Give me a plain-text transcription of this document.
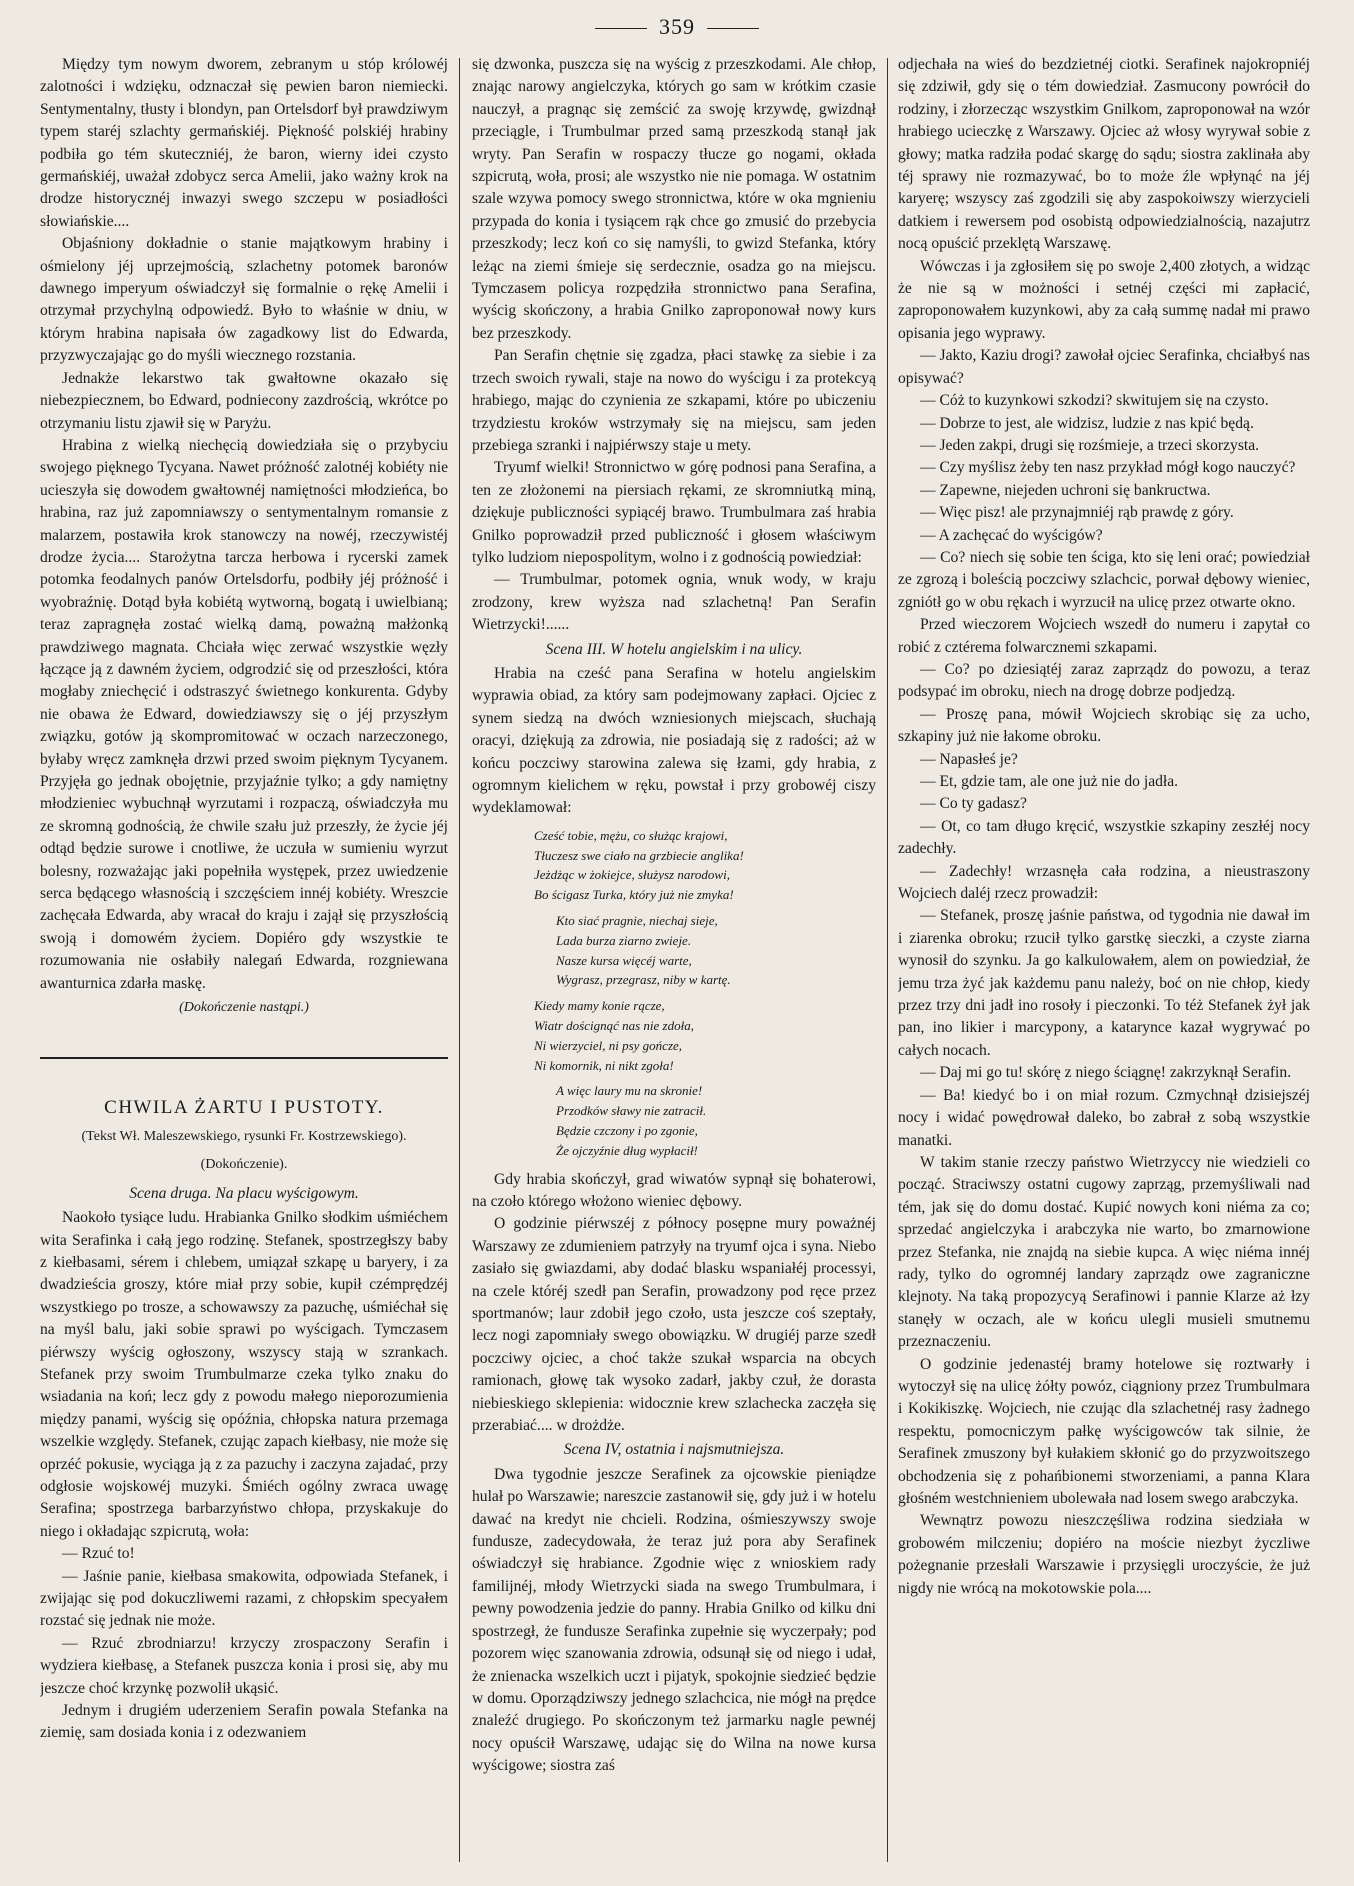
359

Między tym nowym dworem, zebranym u stóp królowéj zalotności i wdzięku, odznaczał się pewien baron niemiecki. Sentymentalny, tłusty i blondyn, pan Ortelsdorf był prawdziwym typem staréj szlachty germańskiéj. Piękność polskiéj hrabiny podbiła go tém skuteczniéj, że baron, wierny idei czysto germańskiéj, uważał zdobycz serca Amelii, jako ważny krok na drodze historycznéj inwazyi swego szczepu w posiadłości słowiańskie....

Objaśniony dokładnie o stanie majątkowym hrabiny i ośmielony jéj uprzejmością, szlachetny potomek baronów dawnego imperyum oświadczył się formalnie o rękę Amelii i otrzymał przychylną odpowiedź. Było to właśnie w dniu, w którym hrabina napisała ów zagadkowy list do Edwarda, przyzwyczajając go do myśli wiecznego rozstania.

Jednakże lekarstwo tak gwałtowne okazało się niebezpiecznem, bo Edward, podniecony zazdrością, wkrótce po otrzymaniu listu zjawił się w Paryżu.

Hrabina z wielką niechęcią dowiedziała się o przybyciu swojego pięknego Tycyana. Nawet próżność zalotnéj kobiéty nie ucieszyła się dowodem gwałtownéj namiętności młodzieńca, bo hrabina, raz już zapomniawszy o sentymentalnym romansie z malarzem, postawiła krok stanowczy na nowéj, rzeczywistéj drodze życia.... Starożytna tarcza herbowa i rycerski zamek potomka feodalnych panów Ortelsdorfu, podbiły jéj próżność i wyobraźnię. Dotąd była kobiétą wytworną, bogatą i uwielbianą; teraz zapragnęła zostać wielką damą, poważną małżonką prawdziwego magnata. Chciała więc zerwać wszystkie węzły łączące ją z dawném życiem, odgrodzić się od przeszłości, która mogłaby zniechęcić i odstraszyć świetnego konkurenta. Gdyby nie obawa że Edward, dowiedziawszy się o jéj przyszłym związku, gotów ją skompromitować w oczach narzeczonego, byłaby wręcz zamknęła drzwi przed swoim pięknym Tycyanem. Przyjęła go jednak obojętnie, przyjaźnie tylko; a gdy namiętny młodzieniec wybuchnął wyrzutami i rozpaczą, oświadczyła mu ze skromną godnością, że chwile szału już przeszły, że życie jéj odtąd będzie surowe i cnotliwe, że uczuła w sumieniu wyrzut bolesny, rozważając jaki popełniła występek, przez uwiedzenie serca będącego własnością i szczęściem innéj kobiéty. Wreszcie zachęcała Edwarda, aby wracał do kraju i zajął się przyszłością swoją i domowém życiem. Dopiéro gdy wszystkie te rozumowania nie osłabiły nalegań Edwarda, rozgniewana awanturnica zdarła maskę.

(Dokończenie nastąpi.)
CHWILA ŻARTU I PUSTOTY.
(Tekst Wł. Maleszewskiego, rysunki Fr. Kostrzewskiego).
(Dokończenie).
Scena druga. Na placu wyścigowym.

Naokoło tysiące ludu. Hrabianka Gnilko słodkim uśmiéchem wita Serafinka i całą jego rodzinę. Stefanek, spostrzegłszy baby z kiełbasami, sérem i chlebem, umiązał szkapę u baryery, i za dwadzieścia groszy, które miał przy sobie, kupił czémprędzéj wszystkiego po trosze, a schowawszy za pazuchę, uśmiéchał się na myśl balu, jaki sobie sprawi po wyścigach. Tymczasem piérwszy wyścig ogłoszony, wszyscy stają w szrankach. Stefanek przy swoim Trumbulmarze czeka tylko znaku do wsiadania na koń; lecz gdy z powodu małego nieporozumienia między panami, wyścig się opóźnia, chłopska natura przemaga wszelkie względy. Stefanek, czując zapach kiełbasy, nie może się oprzéć pokusie, wyciąga ją z za pazuchy i zaczyna zajadać, przy odgłosie wojskowéj muzyki. Śmiéch ogólny zwraca uwagę Serafina; spostrzega barbarzyństwo chłopa, przyskakuje do niego i okładając szpicrutą, woła:

— Rzuć to!

— Jaśnie panie, kiełbasa smakowita, odpowiada Stefanek, i zwijając się pod dokuczliwemi razami, z chłopskim specyałem rozstać się jednak nie może.

— Rzuć zbrodniarzu! krzyczy zrospaczony Serafin i wydziera kiełbasę, a Stefanek puszcza konia i prosi się, aby mu jeszcze choć krzynkę pozwolił ukąsić.

Jednym i drugiém uderzeniem Serafin powala Stefanka na ziemię, sam dosiada konia i z odezwaniem

się dzwonka, puszcza się na wyścig z przeszkodami. Ale chłop, znając narowy angielczyka, których go sam w krótkim czasie nauczył, a pragnąc się zemścić za swoję krzywdę, gwizdnął przeciągle, i Trumbulmar przed samą przeszkodą stanął jak wryty. Pan Serafin w rospaczy tłucze go nogami, okłada szpicrutą, woła, prosi; ale wszystko nie nie pomaga. W ostatnim szale wzywa pomocy swego stronnictwa, które w oka mgnieniu przypada do konia i tysiącem rąk chce go zmusić do przebycia przeszkody; lecz koń co się namyśli, to gwizd Stefanka, który leżąc na ziemi śmieje się serdecznie, osadza go na miejscu. Tymczasem policya rozpędziła stronnictwo pana Serafina, wyścig skończony, a hrabia Gnilko zaproponował nowy kurs bez przeszkody.

Pan Serafin chętnie się zgadza, płaci stawkę za siebie i za trzech swoich rywali, staje na nowo do wyścigu i za protekcyą hrabiego, mając do czynienia ze szkapami, które po ubiczeniu trzydziestu kroków wstrzymały się na miejscu, sam jeden przebiega szranki i najpiérwszy staje u mety.

Tryumf wielki! Stronnictwo w górę podnosi pana Serafina, a ten ze złożonemi na piersiach rękami, ze skromniutką miną, dziękuje publiczności sypiącéj brawo. Trumbulmara zaś hrabia Gnilko poprowadził przed publiczność i głosem właściwym tylko ludziom niepospolitym, wolno i z godnością powiedział:

— Trumbulmar, potomek ognia, wnuk wody, w kraju zrodzony, krew wyższa nad szlachetną! Pan Serafin Wietrzycki!......

Scena III. W hotelu angielskim i na ulicy.

Hrabia na cześć pana Serafina w hotelu angielskim wyprawia obiad, za który sam podejmowany zapłaci. Ojciec z synem siedzą na dwóch wzniesionych miejscach, słuchają oracyi, dziękują za zdrowia, nie posiadają się z radości; aż w końcu poczciwy starowina zalewa się łzami, gdy hrabia, z ogromnym kielichem w ręku, powstał i przy grobowéj ciszy wydeklamował:

Cześć tobie, mężu, co służąc krajowi,
Tłuczesz swe ciało na grzbiecie anglika!
Jeżdżąc w żokiejce, służysz narodowi,
Bo ścigasz Turka, który już nie zmyka!
Kto siać pragnie, niechaj sieje,
Lada burza ziarno zwieje.
Nasze kursa więcéj warte,
Wygrasz, przegrasz, niby w kartę.
Kiedy mamy konie rącze,
Wiatr doścignąć nas nie zdoła,
Ni wierzyciel, ni psy gończe,
Ni komornik, ni nikt zgoła!
A więc laury mu na skronie!
Przodków sławy nie zatracił.
Będzie czczony i po zgonie,
Że ojczyźnie dług wypłacił!

Gdy hrabia skończył, grad wiwatów sypnął się bohaterowi, na czoło którego włożono wieniec dębowy.

O godzinie piérwszéj z północy posępne mury poważnéj Warszawy ze zdumieniem patrzyły na tryumf ojca i syna. Niebo zasiało się gwiazdami, aby dodać blasku wspaniałéj processyi, na czele któréj szedł pan Serafin, prowadzony pod ręce przez sportmanów; laur zdobił jego czoło, usta jeszcze coś szeptały, lecz nogi zapomniały swego obowiązku. W drugiéj parze szedł poczciwy ojciec, a choć także szukał wsparcia na obcych ramionach, głowę tak wysoko zadarł, jakby czuł, że dorasta niebieskiego sklepienia: widocznie krew szlachecka zaczęła się przerabiać.... w drożdże.

Scena IV, ostatnia i najsmutniejsza.

Dwa tygodnie jeszcze Serafinek za ojcowskie pieniądze hulał po Warszawie; nareszcie zastanowił się, gdy już i w hotelu dawać na kredyt nie chcieli. Rodzina, ośmieszywszy swoje fundusze, zadecydowała, że teraz już pora aby Serafinek oświadczył się hrabiance. Zgodnie więc z wnioskiem rady familijnéj, młody Wietrzycki siada na swego Trumbulmara, i pewny powodzenia jedzie do panny. Hrabia Gnilko od kilku dni spostrzegł, że fundusze Serafinka zupełnie się wyczerpały; pod pozorem więc szanowania zdrowia, odsunął się od niego i udał, że znienacka wszelkich uczt i pijatyk, spokojnie siedzieć będzie w domu. Oporządziwszy jednego szlachcica, nie mógł na prędce znaleźć drugiego. Po skończonym też jarmarku nagle pewnéj nocy opuścił Warszawę, udając się do Wilna na nowe kursa wyścigowe; siostra zaś

odjechała na wieś do bezdzietnéj ciotki. Serafinek najokropniéj się zdziwił, gdy się o tém dowiedział. Zasmucony powrócił do rodziny, i złorzecząc wszystkim Gnilkom, zaproponował na wzór hrabiego ucieczkę z Warszawy. Ojciec aż włosy wyrywał sobie z głowy; matka radziła podać skargę do sądu; siostra zaklinała aby téj sprawy nie rozmazywać, bo to może źle wpłynąć na jéj karyerę; wszyscy zaś zgodzili się aby zaspokoiwszy wierzycieli datkiem i rewersem pod osobistą odpowiedzialnością, nazajutrz nocą opuścić przeklętą Warszawę.

Wówczas i ja zgłosiłem się po swoje 2,400 złotych, a widząc że nie są w możności i setnéj części mi zapłacić, zaproponowałem kuzynkowi, aby za całą summę nadał mi prawo opisania jego wyprawy.

— Jakto, Kaziu drogi? zawołał ojciec Serafinka, chciałbyś nas opisywać?

— Cóż to kuzynkowi szkodzi? skwitujem się na czysto.

— Dobrze to jest, ale widzisz, ludzie z nas kpić będą.

— Jeden zakpi, drugi się rozśmieje, a trzeci skorzysta.

— Czy myślisz żeby ten nasz przykład mógł kogo nauczyć?

— Zapewne, niejeden uchroni się bankructwa.

— Więc pisz! ale przynajmniéj rąb prawdę z góry.

— A zachęcać do wyścigów?

— Co? niech się sobie ten ściga, kto się leni orać; powiedział ze zgrozą i boleścią poczciwy szlachcic, porwał dębowy wieniec, zgniótł go w obu rękach i wyrzucił na ulicę przez otwarte okno.

Przed wieczorem Wojciech wszedł do numeru i zapytał co robić z cztérema folwarcznemi szkapami.

— Co? po dziesiątéj zaraz zaprządz do powozu, a teraz podsypać im obroku, niech na drogę dobrze podjedzą.

— Proszę pana, mówił Wojciech skrobiąc się za ucho, szkapiny już nie łakome obroku.

— Napasłeś je?

— Et, gdzie tam, ale one już nie do jadła.

— Co ty gadasz?

— Ot, co tam długo kręcić, wszystkie szkapiny zeszłéj nocy zadechły.

— Zadechły! wrzasnęła cała rodzina, a nieustraszony Wojciech daléj rzecz prowadził:

— Stefanek, proszę jaśnie państwa, od tygodnia nie dawał im i ziarenka obroku; rzucił tylko garstkę sieczki, a czyste ziarna wynosił do szynku. Ja go kalkulowałem, alem on powiedział, że jemu trza żyć jak każdemu panu należy, boć on nie chłop, kiedy przez trzy dni jadł ino rosoły i pieczonki. To téż Stefanek żył jak pan, ino likier i marcypony, a katarynce kazał wygrywać po całych nocach.

— Daj mi go tu! skórę z niego ściągnę! zakrzyknął Serafin.

— Ba! kiedyć bo i on miał rozum. Czmychnął dzisiejszéj nocy i widać powędrował daleko, bo zabrał z sobą wszystkie manatki.

W takim stanie rzeczy państwo Wietrzyccy nie wiedzieli co począć. Straciwszy ostatni cugowy zaprząg, przemyśliwali nad tém, jak się do domu dostać. Kupić nowych koni niéma za co; sprzedać angielczyka i arabczyka nie warto, bo zmarnowione przez Stefanka, nie znajdą na siebie kupca. A więc niéma innéj rady, tylko do ogromnéj landary zaprządz owe zagraniczne klejnoty. Na taką propozycyą Serafinowi i pannie Klarze aż łzy stanęły w oczach, ale w końcu ulegli musieli smutnemu przeznaczeniu.

O godzinie jedenastéj bramy hotelowe się roztwarły i wytoczył się na ulicę żółty powóz, ciągniony przez Trumbulmara i Kokikiszkę. Wojciech, nie czując dla szlachetnéj rasy żadnego respektu, pomocniczym pałkę wyścigowców tak silnie, że Serafinek zmuszony był kułakiem skłonić go do przyzwoitszego obchodzenia się z pohańbionemi stworzeniami, a panna Klara głośném westchnieniem ubolewała nad losem swego arabczyka.

Wewnątrz powozu nieszczęśliwa rodzina siedziała w grobowém milczeniu; dopiéro na moście niezbyt życzliwe pożegnanie przesłali Warszawie i przysięgli uroczyście, że już nigdy nie wrócą na mokotowskie pola....
